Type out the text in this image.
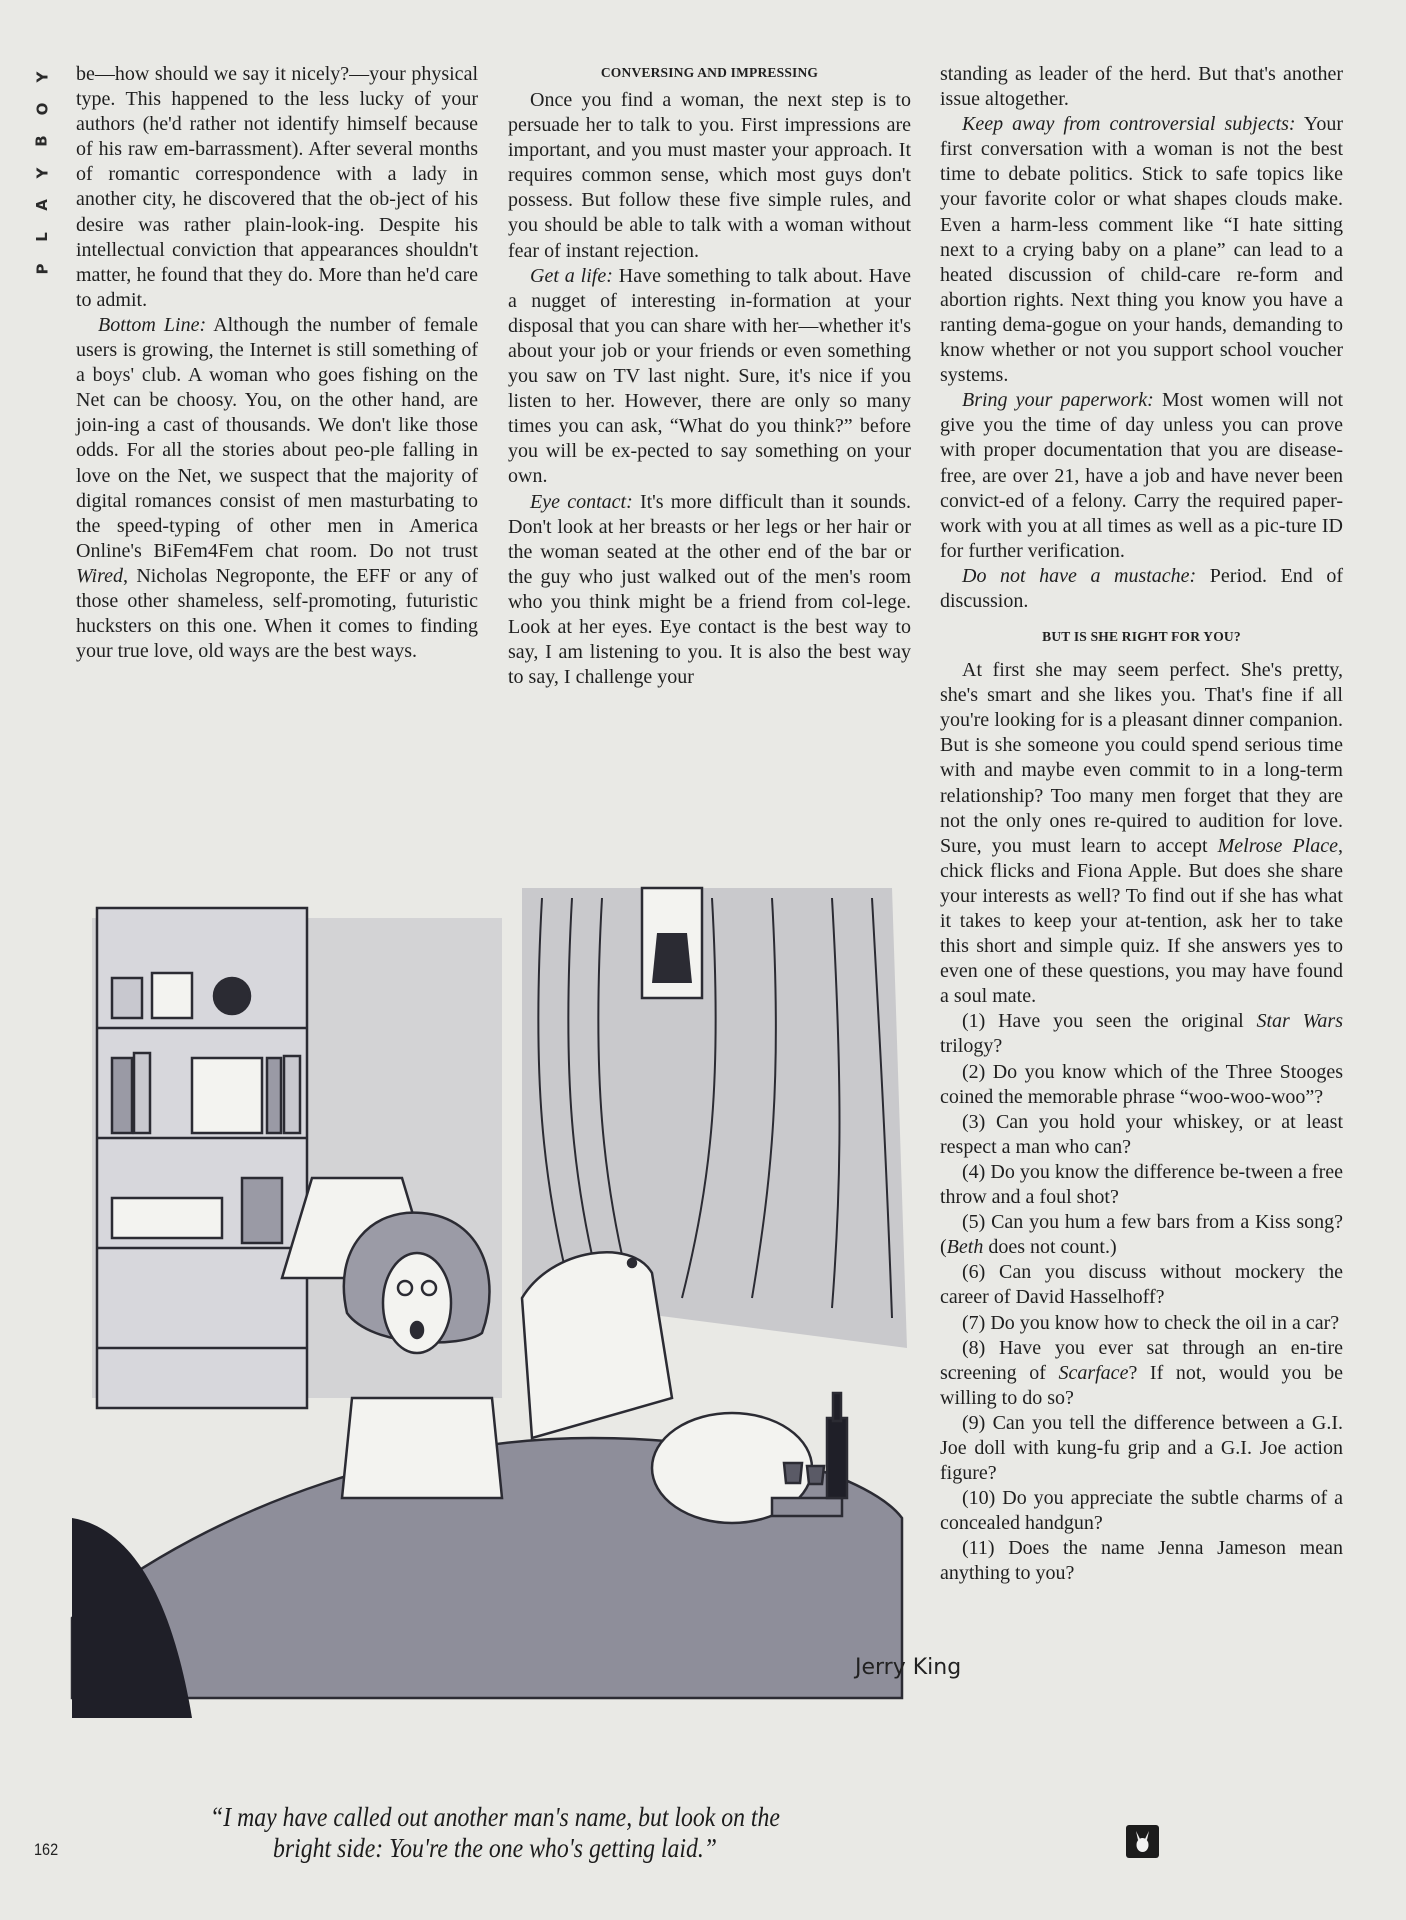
P
L
A
Y
B
O
Y be—how should we say it nicely?—your physical type. This happened to the less lucky of your authors (he'd rather not identify himself because of his raw em-barrassment). After several months of romantic correspondence with a lady in another city, he discovered that the ob-ject of his desire was rather plain-look-ing. Despite his intellectual conviction that appearances shouldn't matter, he found that they do. More than he'd care to admit.

Bottom Line: Although the number of female users is growing, the Internet is still something of a boys' club. A woman who goes fishing on the Net can be choosy. You, on the other hand, are join-ing a cast of thousands. We don't like those odds. For all the stories about peo-ple falling in love on the Net, we suspect that the majority of digital romances consist of men masturbating to the speed-typing of other men in America Online's BiFem4Fem chat room. Do not trust Wired, Nicholas Negroponte, the EFF or any of those other shameless, self-promoting, futuristic hucksters on this one. When it comes to finding your true love, old ways are the best ways.

CONVERSING AND IMPRESSING

Once you find a woman, the next step is to persuade her to talk to you. First impressions are important, and you must master your approach. It requires common sense, which most guys don't possess. But follow these five simple rules, and you should be able to talk with a woman without fear of instant rejection.

Get a life: Have something to talk about. Have a nugget of interesting in-formation at your disposal that you can share with her—whether it's about your job or your friends or even something you saw on TV last night. Sure, it's nice if you listen to her. However, there are only so many times you can ask, “What do you think?” before you will be ex-pected to say something on your own.

Eye contact: It's more difficult than it sounds. Don't look at her breasts or her legs or her hair or the woman seated at the other end of the bar or the guy who just walked out of the men's room who you think might be a friend from col-lege. Look at her eyes. Eye contact is the best way to say, I am listening to you. It is also the best way to say, I challenge your

standing as leader of the herd. But that's another issue altogether.

Keep away from controversial subjects: Your first conversation with a woman is not the best time to debate politics. Stick to safe topics like your favorite color or what shapes clouds make. Even a harm-less comment like “I hate sitting next to a crying baby on a plane” can lead to a heated discussion of child-care re-form and abortion rights. Next thing you know you have a ranting dema-gogue on your hands, demanding to know whether or not you support school voucher systems.

Bring your paperwork: Most women will not give you the time of day unless you can prove with proper documentation that you are disease-free, are over 21, have a job and have never been convict-ed of a felony. Carry the required paper-work with you at all times as well as a pic-ture ID for further verification.

Do not have a mustache: Period. End of discussion.

BUT IS SHE RIGHT FOR YOU?

At first she may seem perfect. She's pretty, she's smart and she likes you. That's fine if all you're looking for is a pleasant dinner companion. But is she someone you could spend serious time with and maybe even commit to in a long-term relationship? Too many men forget that they are not the only ones re-quired to audition for love. Sure, you must learn to accept Melrose Place, chick flicks and Fiona Apple. But does she share your interests as well? To find out if she has what it takes to keep your at-tention, ask her to take this short and simple quiz. If she answers yes to even one of these questions, you may have found a soul mate.

(1) Have you seen the original Star Wars trilogy?

(2) Do you know which of the Three Stooges coined the memorable phrase “woo-woo-woo”?

(3) Can you hold your whiskey, or at least respect a man who can?

(4) Do you know the difference be-tween a free throw and a foul shot?

(5) Can you hum a few bars from a Kiss song? (Beth does not count.)

(6) Can you discuss without mockery the career of David Hasselhoff?

(7) Do you know how to check the oil in a car?

(8) Have you ever sat through an en-tire screening of Scarface? If not, would you be willing to do so?

(9) Can you tell the difference between a G.I. Joe doll with kung-fu grip and a G.I. Joe action figure?

(10) Do you appreciate the subtle charms of a concealed handgun?

(11) Does the name Jenna Jameson mean anything to you?

Jerry King
“I may have called out another man's name, but look on the
bright side: You're the one who's getting laid.”
162
